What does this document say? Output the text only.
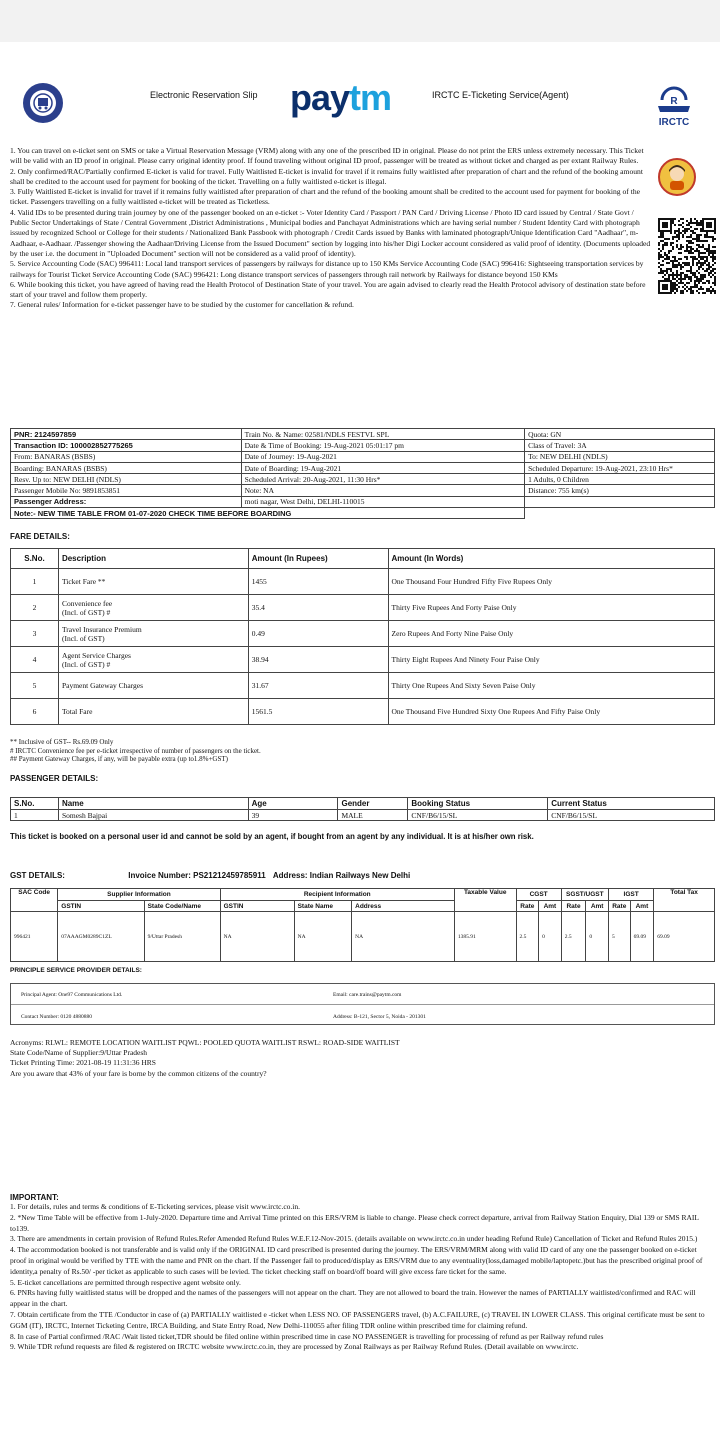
Electronic Reservation Slip paytm	IRCTC E-Ticketing Service(Agent)
R
IRCTC

1. You can travel on e-ticket sent on SMS or take a Virtual Reservation Message (VRM) along with any one of the prescribed ID in original. Please do not print the ERS unless extremely necessary. This Ticket will be valid with an ID proof in original. Please carry original identity proof. If found traveling without original ID proof, passenger will be treated as without ticket and charged as per extant Railway Rules.

2. Only confirmed/RAC/Partially confirmed E-ticket is valid for travel. Fully Waitlisted E-ticket is invalid for travel if it remains fully waitlisted after preparation of chart and the refund of the booking amount shall be credited to the account used for payment for booking of the ticket. Travelling on a fully waitlisted e-ticket is illegal.

3. Fully Waitlisted E-ticket is invalid for travel if it remains fully waitlisted after preparation of chart and the refund of the booking amount shall be credited to the account used for payment for booking of the ticket. Passengers travelling on a fully waitlisted e-ticket will be treated as Ticketless.

4. Valid IDs to be presented during train journey by one of the passenger booked on an e-ticket :- Voter Identity Card / Passport / PAN Card / Driving License / Photo ID card issued by Central / State Govt / Public Sector Undertakings of State / Central Government ,District Administrations , Municipal bodies and Panchayat Administrations which are having serial number / Student Identity Card with photograph issued by recognized School or College for their students / Nationalized Bank Passbook with photograph / Credit Cards issued by Banks with laminated photograph/Unique Identification Card "Aadhaar", m-Aadhaar, e-Aadhaar. /Passenger showing the Aadhaar/Driving License from the Issued Document" section by logging into his/her Digi Locker account considered as valid proof of identity. (Documents uploaded by the user i.e. the document in "Uploaded Document" section will not be considered as a valid proof of identity).

5. Service Accounting Code (SAC) 996411: Local land transport services of passengers by railways for distance up to 150 KMs Service Accounting Code (SAC) 996416: Sightseeing transportation services by railways for Tourist Ticket Service Accounting Code (SAC) 996421: Long distance transport services of passengers through rail network by Railways for distance beyond 150 KMs

6. While booking this ticket, you have agreed of having read the Health Protocol of Destination State of your travel. You are again advised to clearly read the Health Protocol advisory of destination state before start of your travel and follow them properly.

7. General rules/ Information for e-ticket passenger have to be studied by the customer for cancellation & refund.

PNR: 2124597859	Train No. & Name: 02581/NDLS FESTVL SPL	Quota: GN
Transaction ID: 100002852775265	Date & Time of Booking: 19-Aug-2021 05:01:17 pm	Class of Travel: 3A
From: BANARAS (BSBS)	Date of Journey: 19-Aug-2021	To: NEW DELHI (NDLS)
Boarding: BANARAS (BSBS)	Date of Boarding: 19-Aug-2021	Scheduled Departure: 19-Aug-2021, 23:10 Hrs*
Resv. Up to: NEW DELHI (NDLS)	Scheduled Arrival: 20-Aug-2021, 11:30 Hrs*	1 Adults, 0 Children
Passenger Mobile No: 9891853851	Note: NA	Distance: 755 km(s)
Passenger Address:	moti nagar, West Delhi, DELHI-110015	
Note:- NEW TIME TABLE FROM 01-07-2020 CHECK TIME BEFORE BOARDING		
FARE DETAILS:
S.No.	Description	Amount (In Rupees)	Amount (In Words)
1	Ticket Fare **	1455	One Thousand Four Hundred Fifty Five Rupees Only
2	Convenience fee
(Incl. of GST) #	35.4	Thirty Five Rupees And Forty Paise Only
3	Travel Insurance Premium
(Incl. of GST)	0.49	Zero Rupees And Forty Nine Paise Only
4	Agent Service Charges
(Incl. of GST) #	38.94	Thirty Eight Rupees And Ninety Four Paise Only
5	Payment Gateway Charges	31.67	Thirty One Rupees And Sixty Seven Paise Only
6	Total Fare	1561.5	One Thousand Five Hundred Sixty One Rupees And Fifty Paise Only
** Inclusive of GST-- Rs.69.09 Only
# IRCTC Convenience fee per e-ticket irrespective of number of passengers on the ticket.
## Payment Gateway Charges, if any, will be payable extra (up to1.8%+GST)
PASSENGER DETAILS:
S.No.	Name	Age	Gender	Booking Status	Current Status
1	Somesh Bajpai	39	MALE	CNF/B6/15/SL	CNF/B6/15/SL
This ticket is booked on a personal user id and cannot be sold by an agent, if bought from an agent by any individual. It is at his/her own risk.
GST DETAILS:	Invoice Number: PS21212459785911 Address: Indian Railways New Delhi
SAC Code	Supplier Information		Recipient Information			Taxable Value	CGST		SGST/UGST		IGST		Total Tax
	GSTIN	State Code/Name	GSTIN	State Name	Address		Rate	Amt	Rate	Amt	Rate	Amt	
996421	07AAAGM0289C1ZL	9/Uttar Pradesh	NA	NA	NA	1385.91	2.5	0	2.5	0	5	69.09	69.09
PRINCIPLE SERVICE PROVIDER DETAILS:
Principal Agent: One97 Communications Ltd.	Email: care.trains@paytm.com
Contact Number: 0120 4880880	Address: B-121, Sector 5, Noida - 201301
Acronyms: RLWL: REMOTE LOCATION WAITLIST PQWL: POOLED QUOTA WAITLIST RSWL: ROAD-SIDE WAITLIST
State Code/Name of Supplier:9/Uttar Pradesh
Ticket Printing Time: 2021-08-19 11:31:36 HRS
Are you aware that 43% of your fare is borne by the common citizens of the country?
IMPORTANT:
1. For details, rules and terms & conditions of E-Ticketing services, please visit www.irctc.co.in.
2. *New Time Table will be effective from 1-July-2020. Departure time and Arrival Time printed on this ERS/VRM is liable to change. Please check correct departure, arrival from Railway Station Enquiry, Dial 139 or SMS RAIL to139.
3. There are amendments in certain provision of Refund Rules.Refer Amended Refund Rules W.E.F.12-Nov-2015. (details available on www.irctc.co.in under heading Refund Rule) Cancellation of Ticket and Refund Rules 2015.)
4. The accommodation booked is not transferable and is valid only if the ORIGINAL ID card prescribed is presented during the journey. The ERS/VRM/MRM along with valid ID card of any one the passenger booked on e-ticket proof in original would be verified by TTE with the name and PNR on the chart. If the Passenger fail to produced/display as ERS/VRM due to any eventuality(loss,damaged mobile/laptopetc.)but has the prescribed original proof of identity,a penalty of Rs.50/ -per ticket as applicable to such cases will be levied. The ticket checking staff on board/off board will give excess fare ticket for the same.
5. E-ticket cancellations are permitted through respective agent website only.
6. PNRs having fully waitlisted status will be dropped and the names of the passengers will not appear on the chart. They are not allowed to board the train. However the names of PARTIALLY waitlisted/confirmed and RAC will appear in the chart.
7. Obtain certificate from the TTE /Conductor in case of (a) PARTIALLY waitlisted e -ticket when LESS NO. OF PASSENGERS travel, (b) A.C.FAILURE, (c) TRAVEL IN LOWER CLASS. This original certificate must be sent to GGM (IT), IRCTC, Internet Ticketing Centre, IRCA Building, and State Entry Road, New Delhi-110055 after filing TDR online within prescribed time for claiming refund.
8. In case of Partial confirmed /RAC /Wait listed ticket,TDR should be filed online within prescribed time in case NO PASSENGER is travelling for processing of refund as per Railway refund rules
9. While TDR refund requests are filed & registered on IRCTC website www.irctc.co.in, they are processed by Zonal Railways as per Railway Refund Rules. (Detail available on www.irctc.
